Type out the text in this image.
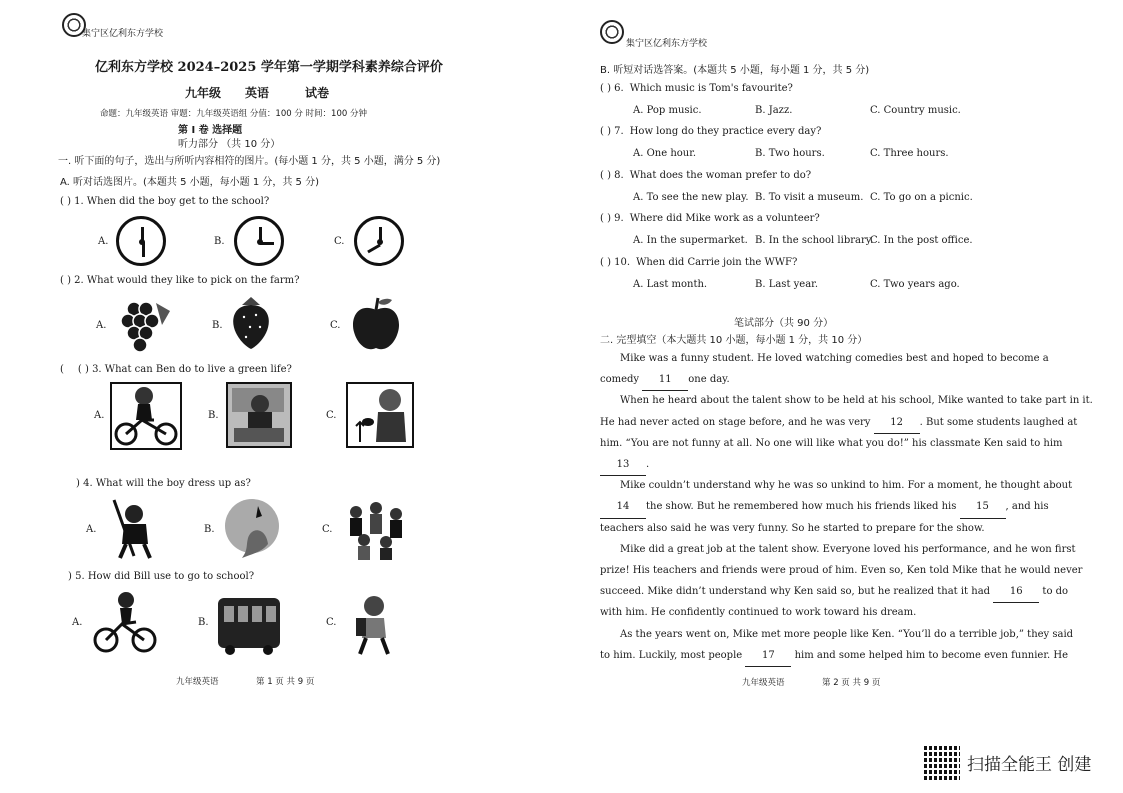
集宁区亿利东方学校
亿利东方学校 2024–2025 学年第一学期学科素养综合评价
九年级 英语	试卷
命题：九年级英语 审题：九年级英语组 分值：100 分 时间：100 分钟
第 I 卷 选择题
听力部分 （共 10 分）
一. 听下面的句子，选出与所听内容相符的图片。(每小题 1 分，共 5 小题，满分 5 分)
A. 听对话选图片。(本题共 5 小题，每小题 1 分，共 5 分)
( ) 1. When did the boy get to the school?
A.	B.	C.
( ) 2. What would they like to pick on the farm?
A.	B.	C.
( ( ) 3. What can Ben do to live a green life?
A.	B.	C.
) 4. What will the boy dress up as?
A.	B.	C.
) 5. How did Bill use to go to school?
A.	B.	C.
九年级英语	第 1 页 共 9 页
集宁区亿利东方学校
B. 听短对话选答案。(本题共 5 小题，每小题 1 分，共 5 分)
( ) 6. Which music is Tom's favourite?
A. Pop music.	B. Jazz.	C. Country music.
( ) 7. How long do they practice every day?
A. One hour.	B. Two hours.	C. Three hours.
( ) 8. What does the woman prefer to do?
A. To see the new play. B. To visit a museum. C. To go on a picnic.
( ) 9. Where did Mike work as a volunteer?
A. In the supermarket. B. In the school library.
C. In the post office.
( ) 10. When did Carrie join the WWF?
A. Last month.	B. Last year.	C. Two years ago.
笔试部分（共 90 分）
二. 完型填空（本大题共 10 小题，每小题 1 分，共 10 分）
Mike was a funny student. He loved watching comedies best and hoped to become a
comedy 11 one day.
When he heard about the talent show to be held at his school, Mike wanted to take part in it.
He had never acted on stage before, and he was very 12 . But some students laughed at
him. “You are not funny at all. No one will like what you do!” his classmate Ken said to him
13 .
Mike couldn’t understand why he was so unkind to him. For a moment, he thought about
14 the show. But he remembered how much his friends liked his 15 , and his
teachers also said he was very funny. So he started to prepare for the show.
Mike did a great job at the talent show. Everyone loved his performance, and he won first
prize! His teachers and friends were proud of him. Even so, Ken told Mike that he would never
succeed. Mike didn’t understand why Ken said so, but he realized that it had 16 to do
with him. He confidently continued to work toward his dream.
As the years went on, Mike met more people like Ken. “You’ll do a terrible job,” they said
to him. Luckily, most people 17 him and some helped him to become even funnier. He
九年级英语	第 2 页 共 9 页
扫描全能王 创建
